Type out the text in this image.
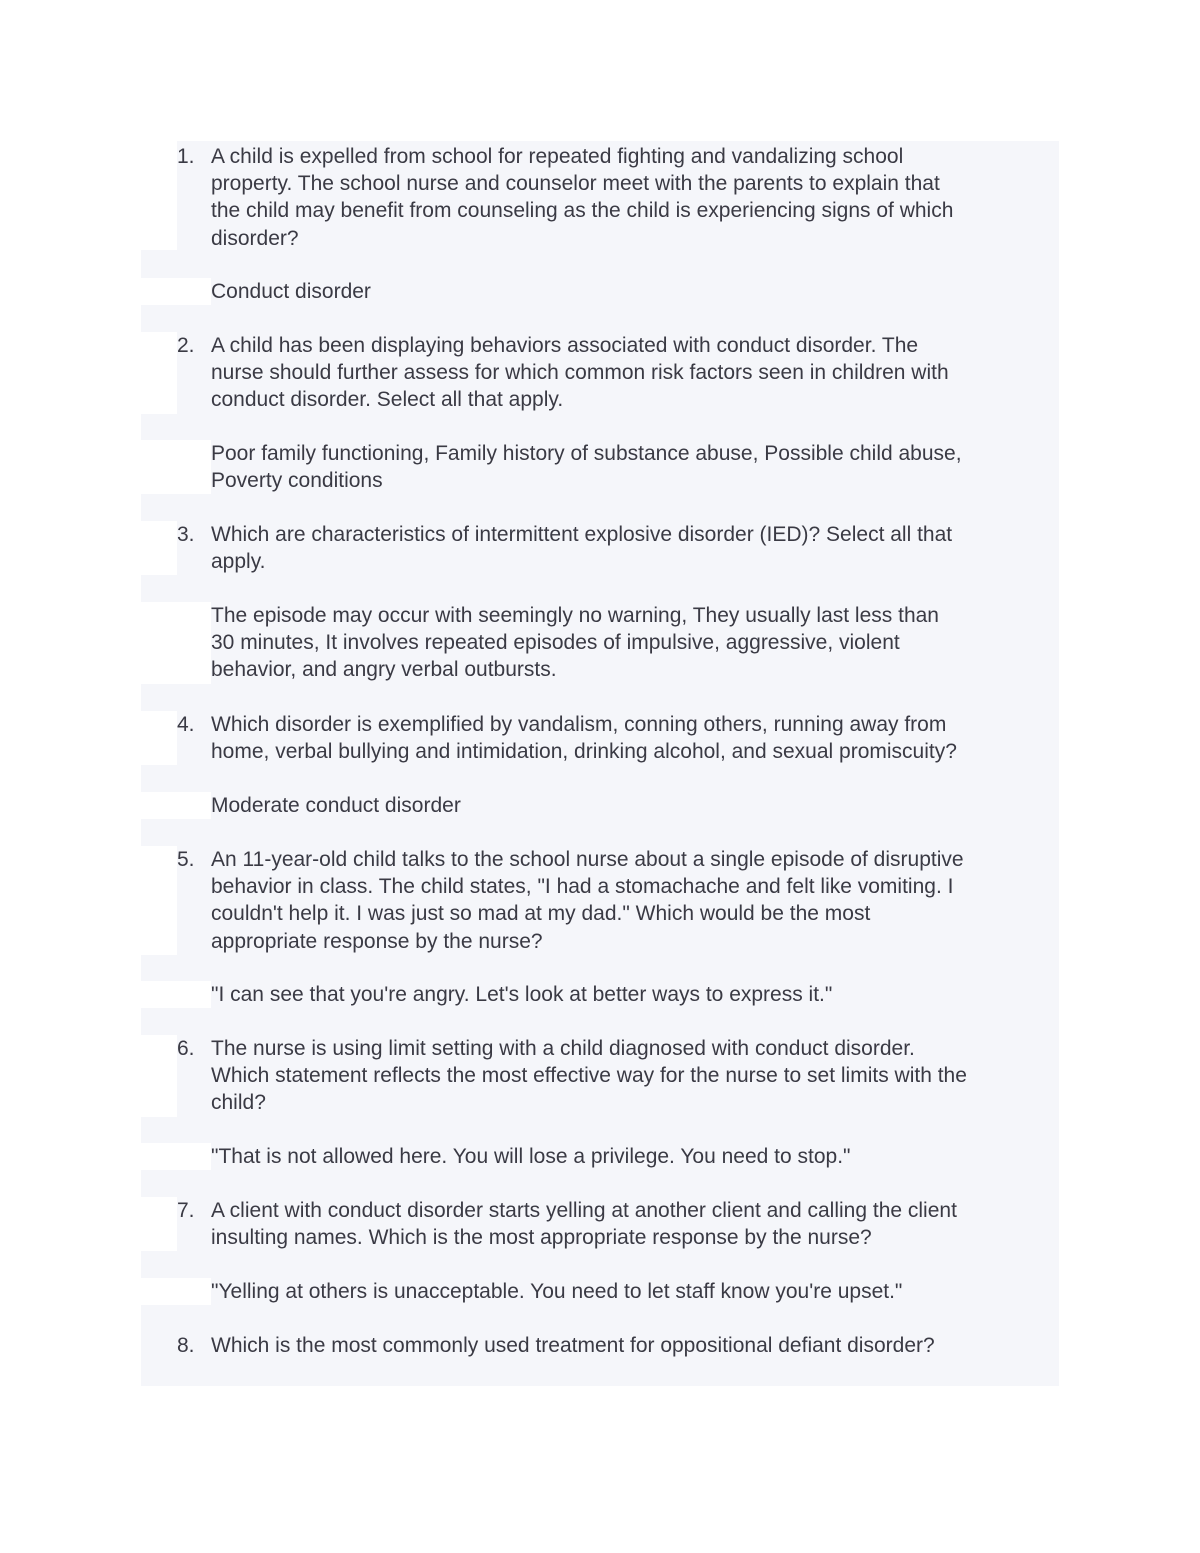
1. A child is expelled from school for repeated fighting and vandalizing school
property. The school nurse and counselor meet with the parents to explain that
the child may benefit from counseling as the child is experiencing signs of which
disorder?
Conduct disorder
2. A child has been displaying behaviors associated with conduct disorder. The
nurse should further assess for which common risk factors seen in children with
conduct disorder. Select all that apply.
Poor family functioning, Family history of substance abuse, Possible child abuse,
Poverty conditions
3. Which are characteristics of intermittent explosive disorder (IED)? Select all that
apply.
The episode may occur with seemingly no warning, They usually last less than
30 minutes, It involves repeated episodes of impulsive, aggressive, violent
behavior, and angry verbal outbursts.
4. Which disorder is exemplified by vandalism, conning others, running away from
home, verbal bullying and intimidation, drinking alcohol, and sexual promiscuity?
Moderate conduct disorder
5. An 11-year-old child talks to the school nurse about a single episode of disruptive
behavior in class. The child states, "I had a stomachache and felt like vomiting. I
couldn't help it. I was just so mad at my dad." Which would be the most
appropriate response by the nurse?
"I can see that you're angry. Let's look at better ways to express it."
6. The nurse is using limit setting with a child diagnosed with conduct disorder.
Which statement reflects the most effective way for the nurse to set limits with the
child?
"That is not allowed here. You will lose a privilege. You need to stop."
7. A client with conduct disorder starts yelling at another client and calling the client
insulting names. Which is the most appropriate response by the nurse?
"Yelling at others is unacceptable. You need to let staff know you're upset."
8. Which is the most commonly used treatment for oppositional defiant disorder?
